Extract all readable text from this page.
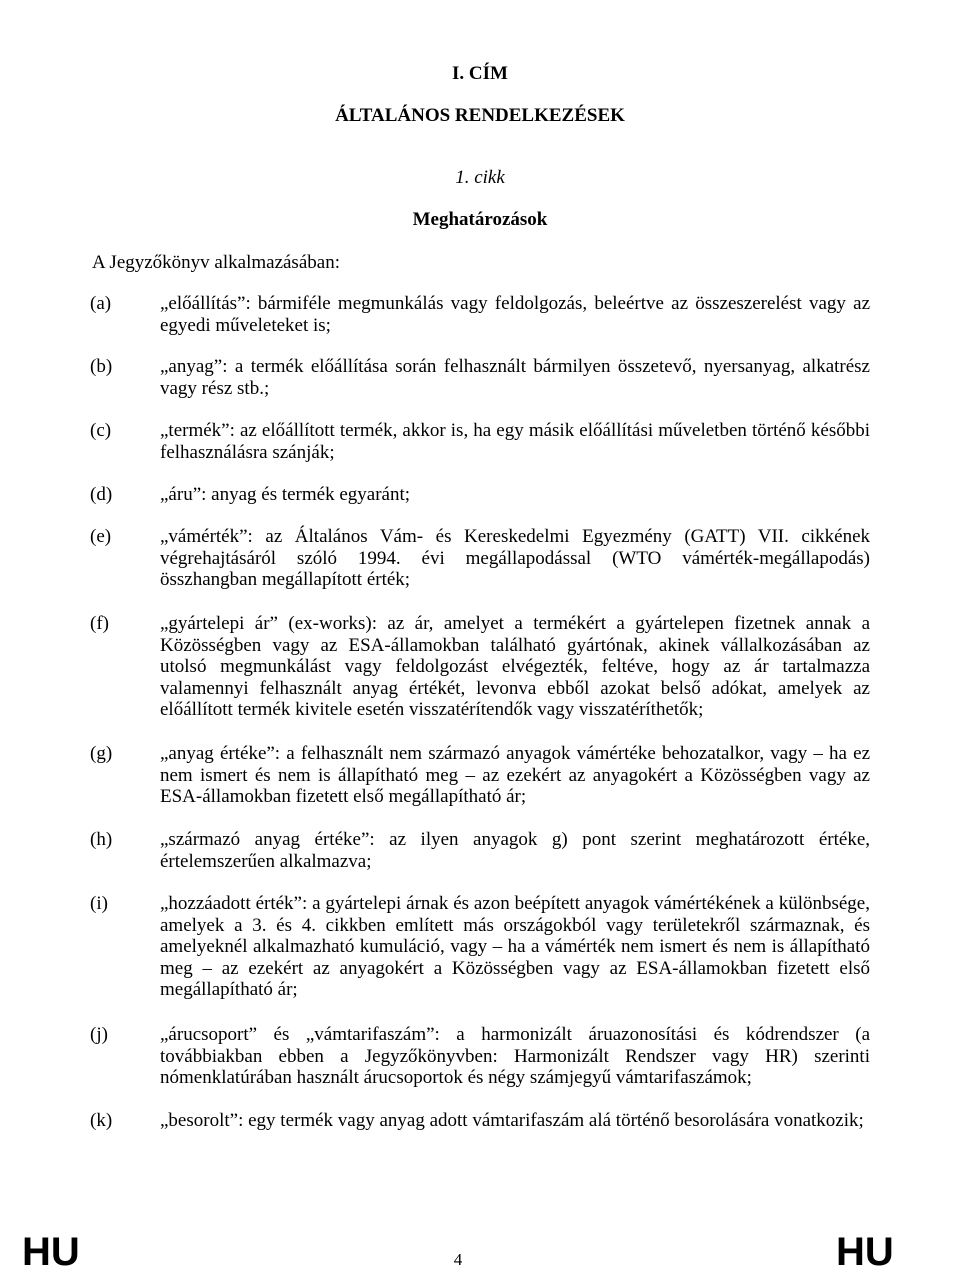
I. CÍM
ÁLTALÁNOS RENDELKEZÉSEK
1. cikk
Meghatározások
A Jegyzőkönyv alkalmazásában:
(a)	„előállítás”: bármiféle megmunkálás vagy feldolgozás, beleértve az összeszerelést vagy az egyedi műveleteket is;
(b)	„anyag”: a termék előállítása során felhasznált bármilyen összetevő, nyersanyag, alkatrész vagy rész stb.;
(c)	„termék”: az előállított termék, akkor is, ha egy másik előállítási műveletben történő későbbi felhasználásra szánják;
(d)	„áru”: anyag és termék egyaránt;
(e)	„vámérték”: az Általános Vám- és Kereskedelmi Egyezmény (GATT) VII. cikkének végrehajtásáról szóló 1994. évi megállapodással (WTO vámérték-megállapodás) összhangban megállapított érték;
(f)	„gyártelepi ár” (ex-works): az ár, amelyet a termékért a gyártelepen fizetnek annak a Közösségben vagy az ESA-államokban található gyártónak, akinek vállalkozásában az utolsó megmunkálást vagy feldolgozást elvégezték, feltéve, hogy az ár tartalmazza valamennyi felhasznált anyag értékét, levonva ebből azokat belső adókat, amelyek az előállított termék kivitele esetén visszatérítendők vagy visszatéríthetők;
(g)	„anyag értéke”: a felhasznált nem származó anyagok vámértéke behozatalkor, vagy – ha ez nem ismert és nem is állapítható meg – az ezekért az anyagokért a Közösségben vagy az ESA-államokban fizetett első megállapítható ár;
(h)	„származó anyag értéke”: az ilyen anyagok g) pont szerint meghatározott értéke, értelemszerűen alkalmazva;
(i)	„hozzáadott érték”: a gyártelepi árnak és azon beépített anyagok vámértékének a különbsége, amelyek a 3. és 4. cikkben említett más országokból vagy területekről származnak, és amelyeknél alkalmazható kumuláció, vagy – ha a vámérték nem ismert és nem is állapítható meg – az ezekért az anyagokért a Közösségben vagy az ESA-államokban fizetett első megállapítható ár;
(j)	„árucsoport” és „vámtarifaszám”: a harmonizált áruazonosítási és kódrendszer (a továbbiakban ebben a Jegyzőkönyvben: Harmonizált Rendszer vagy HR) szerinti nómenklatúrában használt árucsoportok és négy számjegyű vámtarifaszámok;
(k)	„besorolt”: egy termék vagy anyag adott vámtarifaszám alá történő besorolására vonatkozik;
HU	4	HU
